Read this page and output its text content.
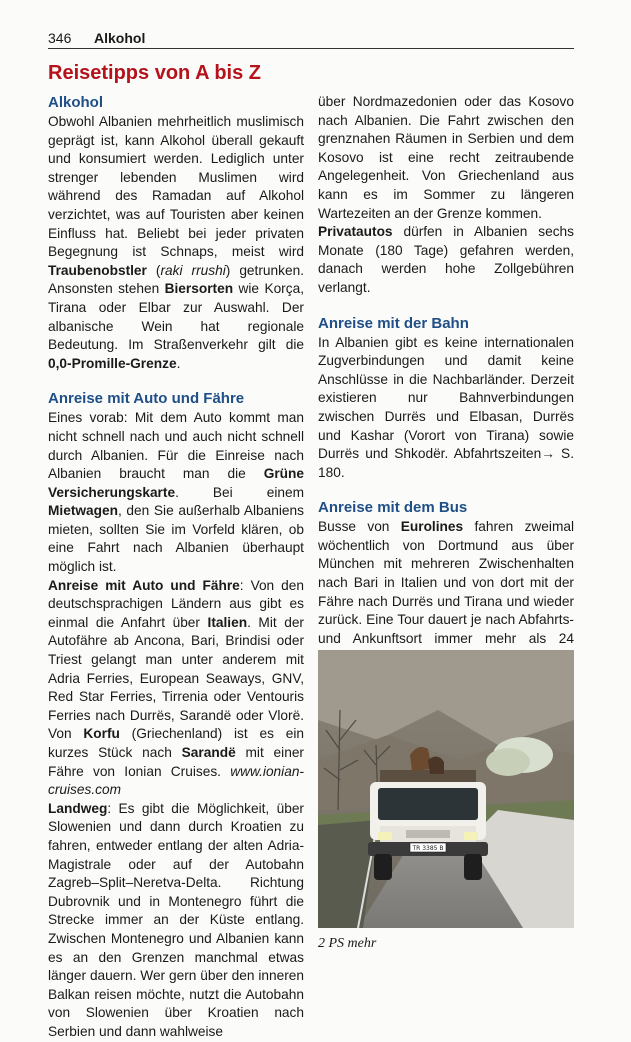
346 Alkohol
Reisetipps von A bis Z
Alkohol

Obwohl Albanien mehrheitlich muslimisch geprägt ist, kann Alkohol überall gekauft und konsumiert werden. Lediglich unter strenger lebenden Muslimen wird während des Ramadan auf Alkohol verzichtet, was auf Touristen aber keinen Einfluss hat. Beliebt bei jeder privaten Begegnung ist Schnaps, meist wird Traubenobstler (raki rrushi) getrunken. Ansonsten stehen Biersorten wie Korça, Tirana oder Elbar zur Auswahl. Der albanische Wein hat regionale Bedeutung. Im Straßenverkehr gilt die 0,0-Promille-Grenze.

Anreise mit Auto und Fähre

Eines vorab: Mit dem Auto kommt man nicht schnell nach und auch nicht schnell durch Albanien. Für die Einreise nach Albanien braucht man die Grüne Versicherungskarte. Bei einem Mietwagen, den Sie außerhalb Albaniens mieten, sollten Sie im Vorfeld klären, ob eine Fahrt nach Albanien überhaupt möglich ist.

Anreise mit Auto und Fähre: Von den deutschsprachigen Ländern aus gibt es einmal die Anfahrt über Italien. Mit der Autofähre ab Ancona, Bari, Brindisi oder Triest gelangt man unter anderem mit Adria Ferries, European Seaways, GNV, Red Star Ferries, Tirrenia oder Ventouris Ferries nach Durrës, Sarandë oder Vlorë. Von Korfu (Griechenland) ist es ein kurzes Stück nach Sarandë mit einer Fähre von Ionian Cruises. www.ionian-cruises.com

Landweg: Es gibt die Möglichkeit, über Slowenien und dann durch Kroatien zu fahren, entweder entlang der alten Adria-Magistrale oder auf der Autobahn Zagreb–Split–Neretva-Delta. Richtung Dubrovnik und in Montenegro führt die Strecke immer an der Küste entlang. Zwischen Montenegro und Albanien kann es an den Grenzen manchmal etwas länger dauern. Wer gern über den inneren Balkan reisen möchte, nutzt die Autobahn von Slowenien über Kroatien nach Serbien und dann wahlweise

über Nordmazedonien oder das Kosovo nach Albanien. Die Fahrt zwischen den grenznahen Räumen in Serbien und dem Kosovo ist eine recht zeitraubende Angelegenheit. Von Griechenland aus kann es im Sommer zu längeren Wartezeiten an der Grenze kommen.

Privatautos dürfen in Albanien sechs Monate (180 Tage) gefahren werden, danach werden hohe Zollgebühren verlangt.

Anreise mit der Bahn

In Albanien gibt es keine internationalen Zugverbindungen und damit keine Anschlüsse in die Nachbarländer. Derzeit existieren nur Bahnverbindungen zwischen Durrës und Elbasan, Durrës und Kashar (Vorort von Tirana) sowie Durrës und Shkodër. Abfahrtszeiten→ S. 180.

Anreise mit dem Bus

Busse von Eurolines fahren zweimal wöchentlich von Dortmund aus über München mit mehreren Zwischenhalten nach Bari in Italien und von dort mit der Fähre nach Durrës und Tirana und wieder zurück. Eine Tour dauert je nach Abfahrts- und Ankunftsort immer mehr als 24

TR 3385 B
2 PS mehr
